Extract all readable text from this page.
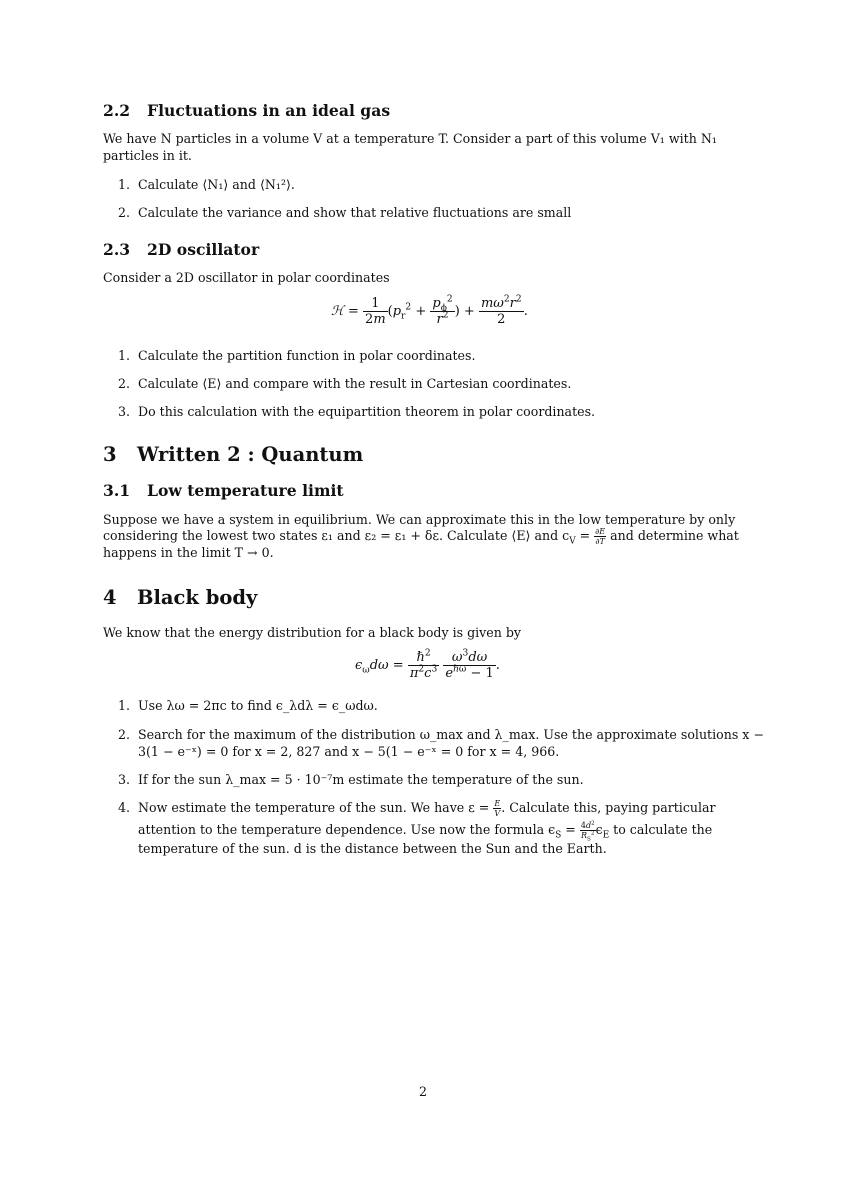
2.2 Fluctuations in an ideal gas
We have N particles in a volume V at a temperature T. Consider a part of this volume V₁ with N₁
particles in it.
1. Calculate ⟨N₁⟩ and ⟨N₁²⟩.
2. Calculate the variance and show that relative fluctuations are small
2.3 2D oscillator
Consider a 2D oscillator in polar coordinates
ℋ = $\frac{1}{2m} (p_r^2 + \frac{p_\phi^2}{r^2}$ ) + $\frac{m\omega^2r^2}{2}$ .
1. Calculate the partition function in polar coordinates.
2. Calculate ⟨E⟩ and compare with the result in Cartesian coordinates.
3. Do this calculation with the equipartition theorem in polar coordinates.
3 Written 2 : Quantum
3.1 Low temperature limit
Suppose we have a system in equilibrium. We can approximate this in the low temperature by only
considering the lowest two states ε₁ and ε₂ = ε₁ + δε. Calculate ⟨E⟩ and $c_V = \frac{\partial E}{\partial T}$ and determine what
happens in the limit T → 0.
4 Black body
We know that the energy distribution for a black body is given by
$\epsilon_\omega d\omega = \frac{\hbar^2}{\pi^2c^3}$
$\frac{\omega^3d\omega}{e^{\hbar\omega} - 1}$ .
1. Use λω = 2πc to find ϵ_λdλ = ϵ_ωdω.
2. Search for the maximum of the distribution ω_max and λ_max. Use the approximate solutions x −
3(1 − e⁻ˣ) = 0 for x = 2, 827 and x − 5(1 − e⁻ˣ = 0 for x = 4, 966.
3. If for the sun λ_max = 5 · 10⁻⁷m estimate the temperature of the sun.
4. Now estimate the temperature of the sun. We have $\varepsilon = \frac{E}{V}$ . Calculate this, paying particular
attention to the temperature dependence. Use now the formula $\epsilon_S = \frac{4d^2}{R_S^2} \epsilon_E$ to calculate the
temperature of the sun. d is the distance between the Sun and the Earth.
2
